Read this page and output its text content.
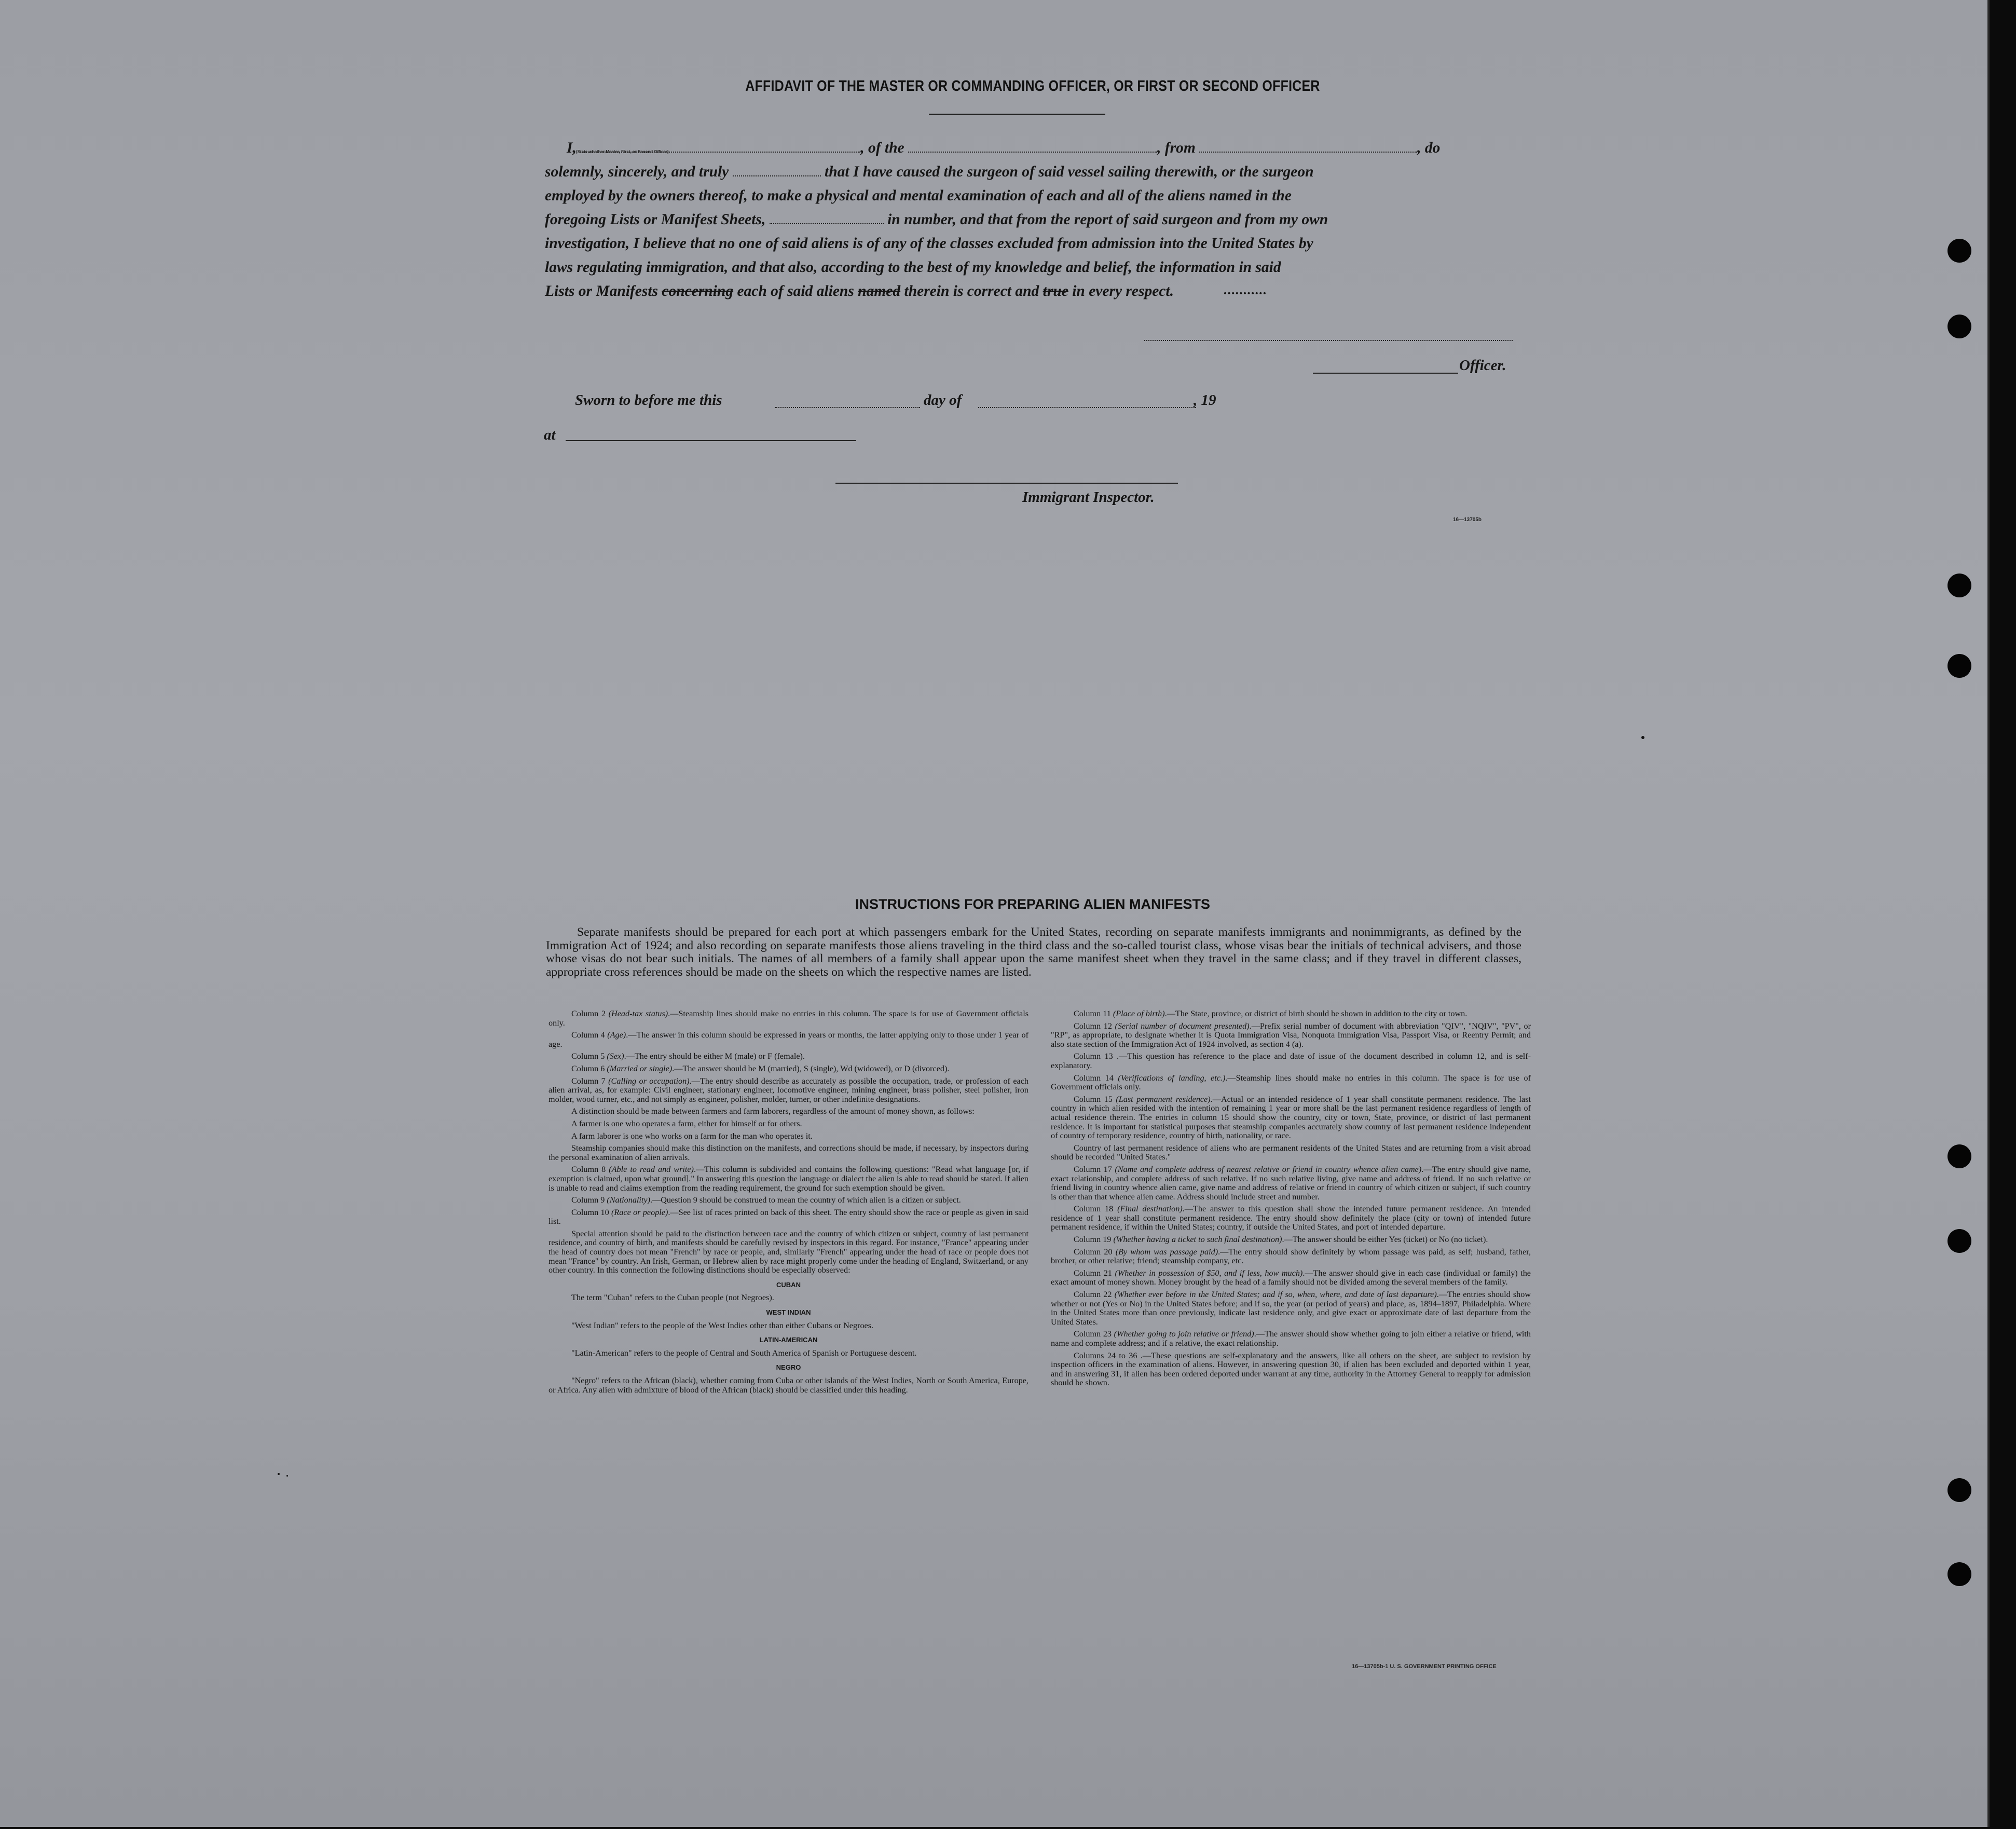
AFFIDAVIT OF THE MASTER OR COMMANDING OFFICER, OR FIRST OR SECOND OFFICER

I,	, of the	, from	, do

solemnly, sincerely, and truly	that I have caused the surgeon of said vessel sailing therewith, or the surgeon

employed by the owners thereof, to make a physical and mental examination of each and all of the aliens named in the

foregoing Lists or Manifest Sheets,	in number, and that from the report of said surgeon and from my own

investigation, I believe that no one of said aliens is of any of the classes excluded from admission into the United States by

laws regulating immigration, and that also, according to the best of my knowledge and belief, the information in said

Lists or Manifests concerning each of said aliens named therein is correct and true in every respect.

(State whether Master, First, or Second Officer)
Officer.
Sworn to before me this	day of	, 19
at
Immigrant Inspector.
16—13705b
INSTRUCTIONS FOR PREPARING ALIEN MANIFESTS
Separate manifests should be prepared for each port at which passengers embark for the United States, recording on separate manifests immigrants and nonimmigrants, as defined by the Immigration Act of 1924; and also recording on separate manifests those aliens traveling in the third class and the so-called tourist class, whose visas bear the initials of technical advisers, and those whose visas do not bear such initials. The names of all members of a family shall appear upon the same manifest sheet when they travel in the same class; and if they travel in different classes, appropriate cross references should be made on the sheets on which the respective names are listed.

Column 2 (Head-tax status).—Steamship lines should make no entries in this column. The space is for use of Government officials only.

Column 4 (Age).—The answer in this column should be expressed in years or months, the latter applying only to those under 1 year of age.

Column 5 (Sex).—The entry should be either M (male) or F (female).

Column 6 (Married or single).—The answer should be M (married), S (single), Wd (widowed), or D (divorced).

Column 7 (Calling or occupation).—The entry should describe as accurately as possible the occupation, trade, or profession of each alien arrival, as, for example: Civil engineer, stationary engineer, locomotive engineer, mining engineer, brass polisher, steel polisher, iron molder, wood turner, etc., and not simply as engineer, polisher, molder, turner, or other indefinite designations.

A distinction should be made between farmers and farm laborers, regardless of the amount of money shown, as follows:

A farmer is one who operates a farm, either for himself or for others.

A farm laborer is one who works on a farm for the man who operates it.

Steamship companies should make this distinction on the manifests, and corrections should be made, if necessary, by inspectors during the personal examination of alien arrivals.

Column 8 (Able to read and write).—This column is subdivided and contains the following questions: "Read what language [or, if exemption is claimed, upon what ground]." In answering this question the language or dialect the alien is able to read should be stated. If alien is unable to read and claims exemption from the reading requirement, the ground for such exemption should be given.

Column 9 (Nationality).—Question 9 should be construed to mean the country of which alien is a citizen or subject.

Column 10 (Race or people).—See list of races printed on back of this sheet. The entry should show the race or people as given in said list.

Special attention should be paid to the distinction between race and the country of which citizen or subject, country of last permanent residence, and country of birth, and manifests should be carefully revised by inspectors in this regard. For instance, "France" appearing under the head of country does not mean "French" by race or people, and, similarly "French" appearing under the head of race or people does not mean "France" by country. An Irish, German, or Hebrew alien by race might properly come under the heading of England, Switzerland, or any other country. In this connection the following distinctions should be especially observed:

CUBAN

The term "Cuban" refers to the Cuban people (not Negroes).

WEST INDIAN

"West Indian" refers to the people of the West Indies other than either Cubans or Negroes.

LATIN-AMERICAN

"Latin-American" refers to the people of Central and South America of Spanish or Portuguese descent.

NEGRO

"Negro" refers to the African (black), whether coming from Cuba or other islands of the West Indies, North or South America, Europe, or Africa. Any alien with admixture of blood of the African (black) should be classified under this heading.

Column 11 (Place of birth).—The State, province, or district of birth should be shown in addition to the city or town.

Column 12 (Serial number of document presented).—Prefix serial number of document with abbreviation "QIV", "NQIV", "PV", or "RP", as appropriate, to designate whether it is Quota Immigration Visa, Nonquota Immigration Visa, Passport Visa, or Reentry Permit; and also state section of the Immigration Act of 1924 involved, as section 4 (a).

Column 13 .—This question has reference to the place and date of issue of the document described in column 12, and is self-explanatory.

Column 14 (Verifications of landing, etc.).—Steamship lines should make no entries in this column. The space is for use of Government officials only.

Column 15 (Last permanent residence).—Actual or an intended residence of 1 year shall constitute permanent residence. The last country in which alien resided with the intention of remaining 1 year or more shall be the last permanent residence regardless of length of actual residence therein. The entries in column 15 should show the country, city or town, State, province, or district of last permanent residence. It is important for statistical purposes that steamship companies accurately show country of last permanent residence independent of country of temporary residence, country of birth, nationality, or race.

Country of last permanent residence of aliens who are permanent residents of the United States and are returning from a visit abroad should be recorded "United States."

Column 17 (Name and complete address of nearest relative or friend in country whence alien came).—The entry should give name, exact relationship, and complete address of such relative. If no such relative living, give name and address of friend. If no such relative or friend living in country whence alien came, give name and address of relative or friend in country of which citizen or subject, if such country is other than that whence alien came. Address should include street and number.

Column 18 (Final destination).—The answer to this question shall show the intended future permanent residence. An intended residence of 1 year shall constitute permanent residence. The entry should show definitely the place (city or town) of intended future permanent residence, if within the United States; country, if outside the United States, and port of intended departure.

Column 19 (Whether having a ticket to such final destination).—The answer should be either Yes (ticket) or No (no ticket).

Column 20 (By whom was passage paid).—The entry should show definitely by whom passage was paid, as self; husband, father, brother, or other relative; friend; steamship company, etc.

Column 21 (Whether in possession of $50, and if less, how much).—The answer should give in each case (individual or family) the exact amount of money shown. Money brought by the head of a family should not be divided among the several members of the family.

Column 22 (Whether ever before in the United States; and if so, when, where, and date of last departure).—The entries should show whether or not (Yes or No) in the United States before; and if so, the year (or period of years) and place, as, 1894–1897, Philadelphia. Where in the United States more than once previously, indicate last residence only, and give exact or approximate date of last departure from the United States.

Column 23 (Whether going to join relative or friend).—The answer should show whether going to join either a relative or friend, with name and complete address; and if a relative, the exact relationship.

Columns 24 to 36 .—These questions are self-explanatory and the answers, like all others on the sheet, are subject to revision by inspection officers in the examination of aliens. However, in answering question 30, if alien has been excluded and deported within 1 year, and in answering 31, if alien has been ordered deported under warrant at any time, authority in the Attorney General to reapply for admission should be shown.

16—13705b-1 U. S. GOVERNMENT PRINTING OFFICE
